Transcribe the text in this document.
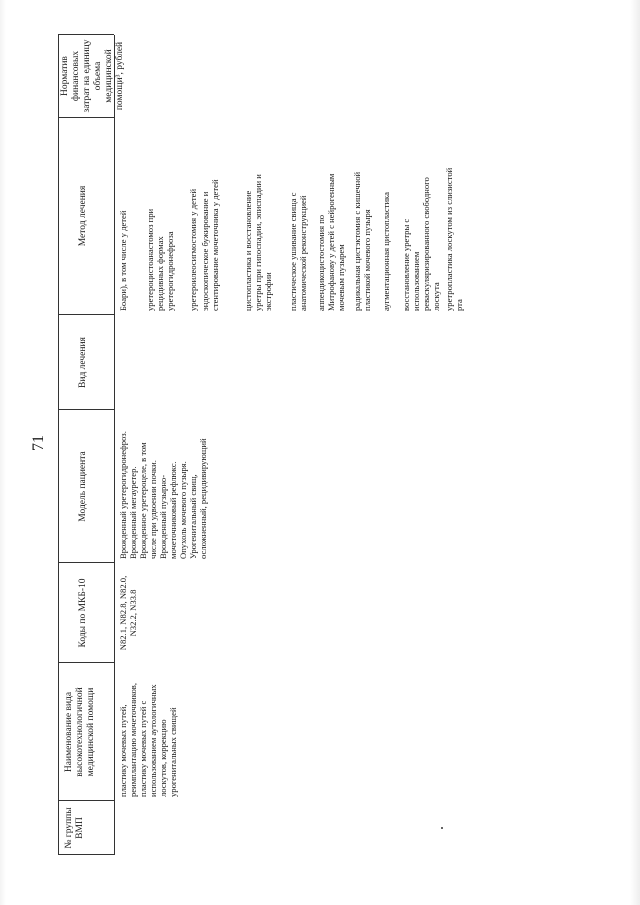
71
№ группы ВМП
Наименование вида высокотехнологичной медицинской помощи
Коды по МКБ-10
Модель пациента
Вид лечения
Метод лечения
Норматив финансовых затрат на единицу объема медицинской помощи³, рублей
пластику мочевых путей, реимплантацию мочеточников, пластику мочевых путей с использованием аутологичных лоскутов, коррекцию урогенитальных свищей
N82.1, N82.8, N82.0, N32.2, N33.8
Врожденный уретерогидронефроз. Врожденный мегауретер. Врожденное уретероцеле, в том числе при удвоении почки. Врожденный пузырно- мочеточниковый рефлюкс. Опухоль мочевого пузыря. Урогенитальный свищ, осложненный, рецидивирующий
Боари), в том числе у детей уретероцистоанастомоз при рецидивных формах уретерогидронефроза уретероилеосигмостомия у детей эндоскопическое бужирование и стентирование мочеточника у детей	цистопластика и восстановление уретры при гипоспадии, эписпадии и экстрофии пластическое ушивание свища с анатомической реконструкцией аппендикоцистостомия по Митрофанову у детей с нейрогенным мочевым пузырем радикальная цистэктомия с кишечной пластикой мочевого пузыря аугментационная цистопластика восстановление уретры с использованием реваскуляризированного свободного лоскута уретропластика лоскутом из слизистой рта
